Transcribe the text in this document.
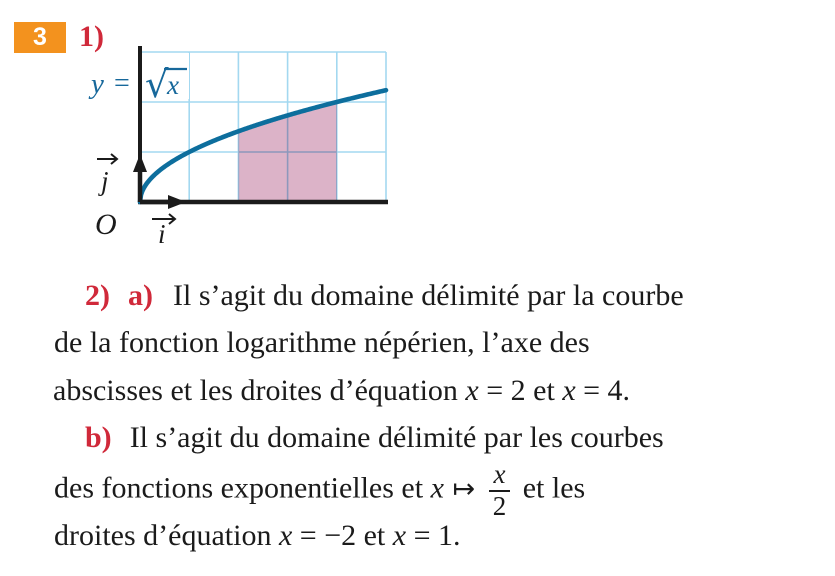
3	1)
y = √
x
O
j
i
2) a) Il s’agit du domaine délimité par la courbe
de la fonction logarithme népérien, l’axe des
abscisses et les droites d’équation x = 2 et x = 4.
b) Il s’agit du domaine délimité par les courbes
des fonctions exponentielles et x ↦ $\frac{x}{2}$ et les
droites d’équation x = −2 et x = 1.
